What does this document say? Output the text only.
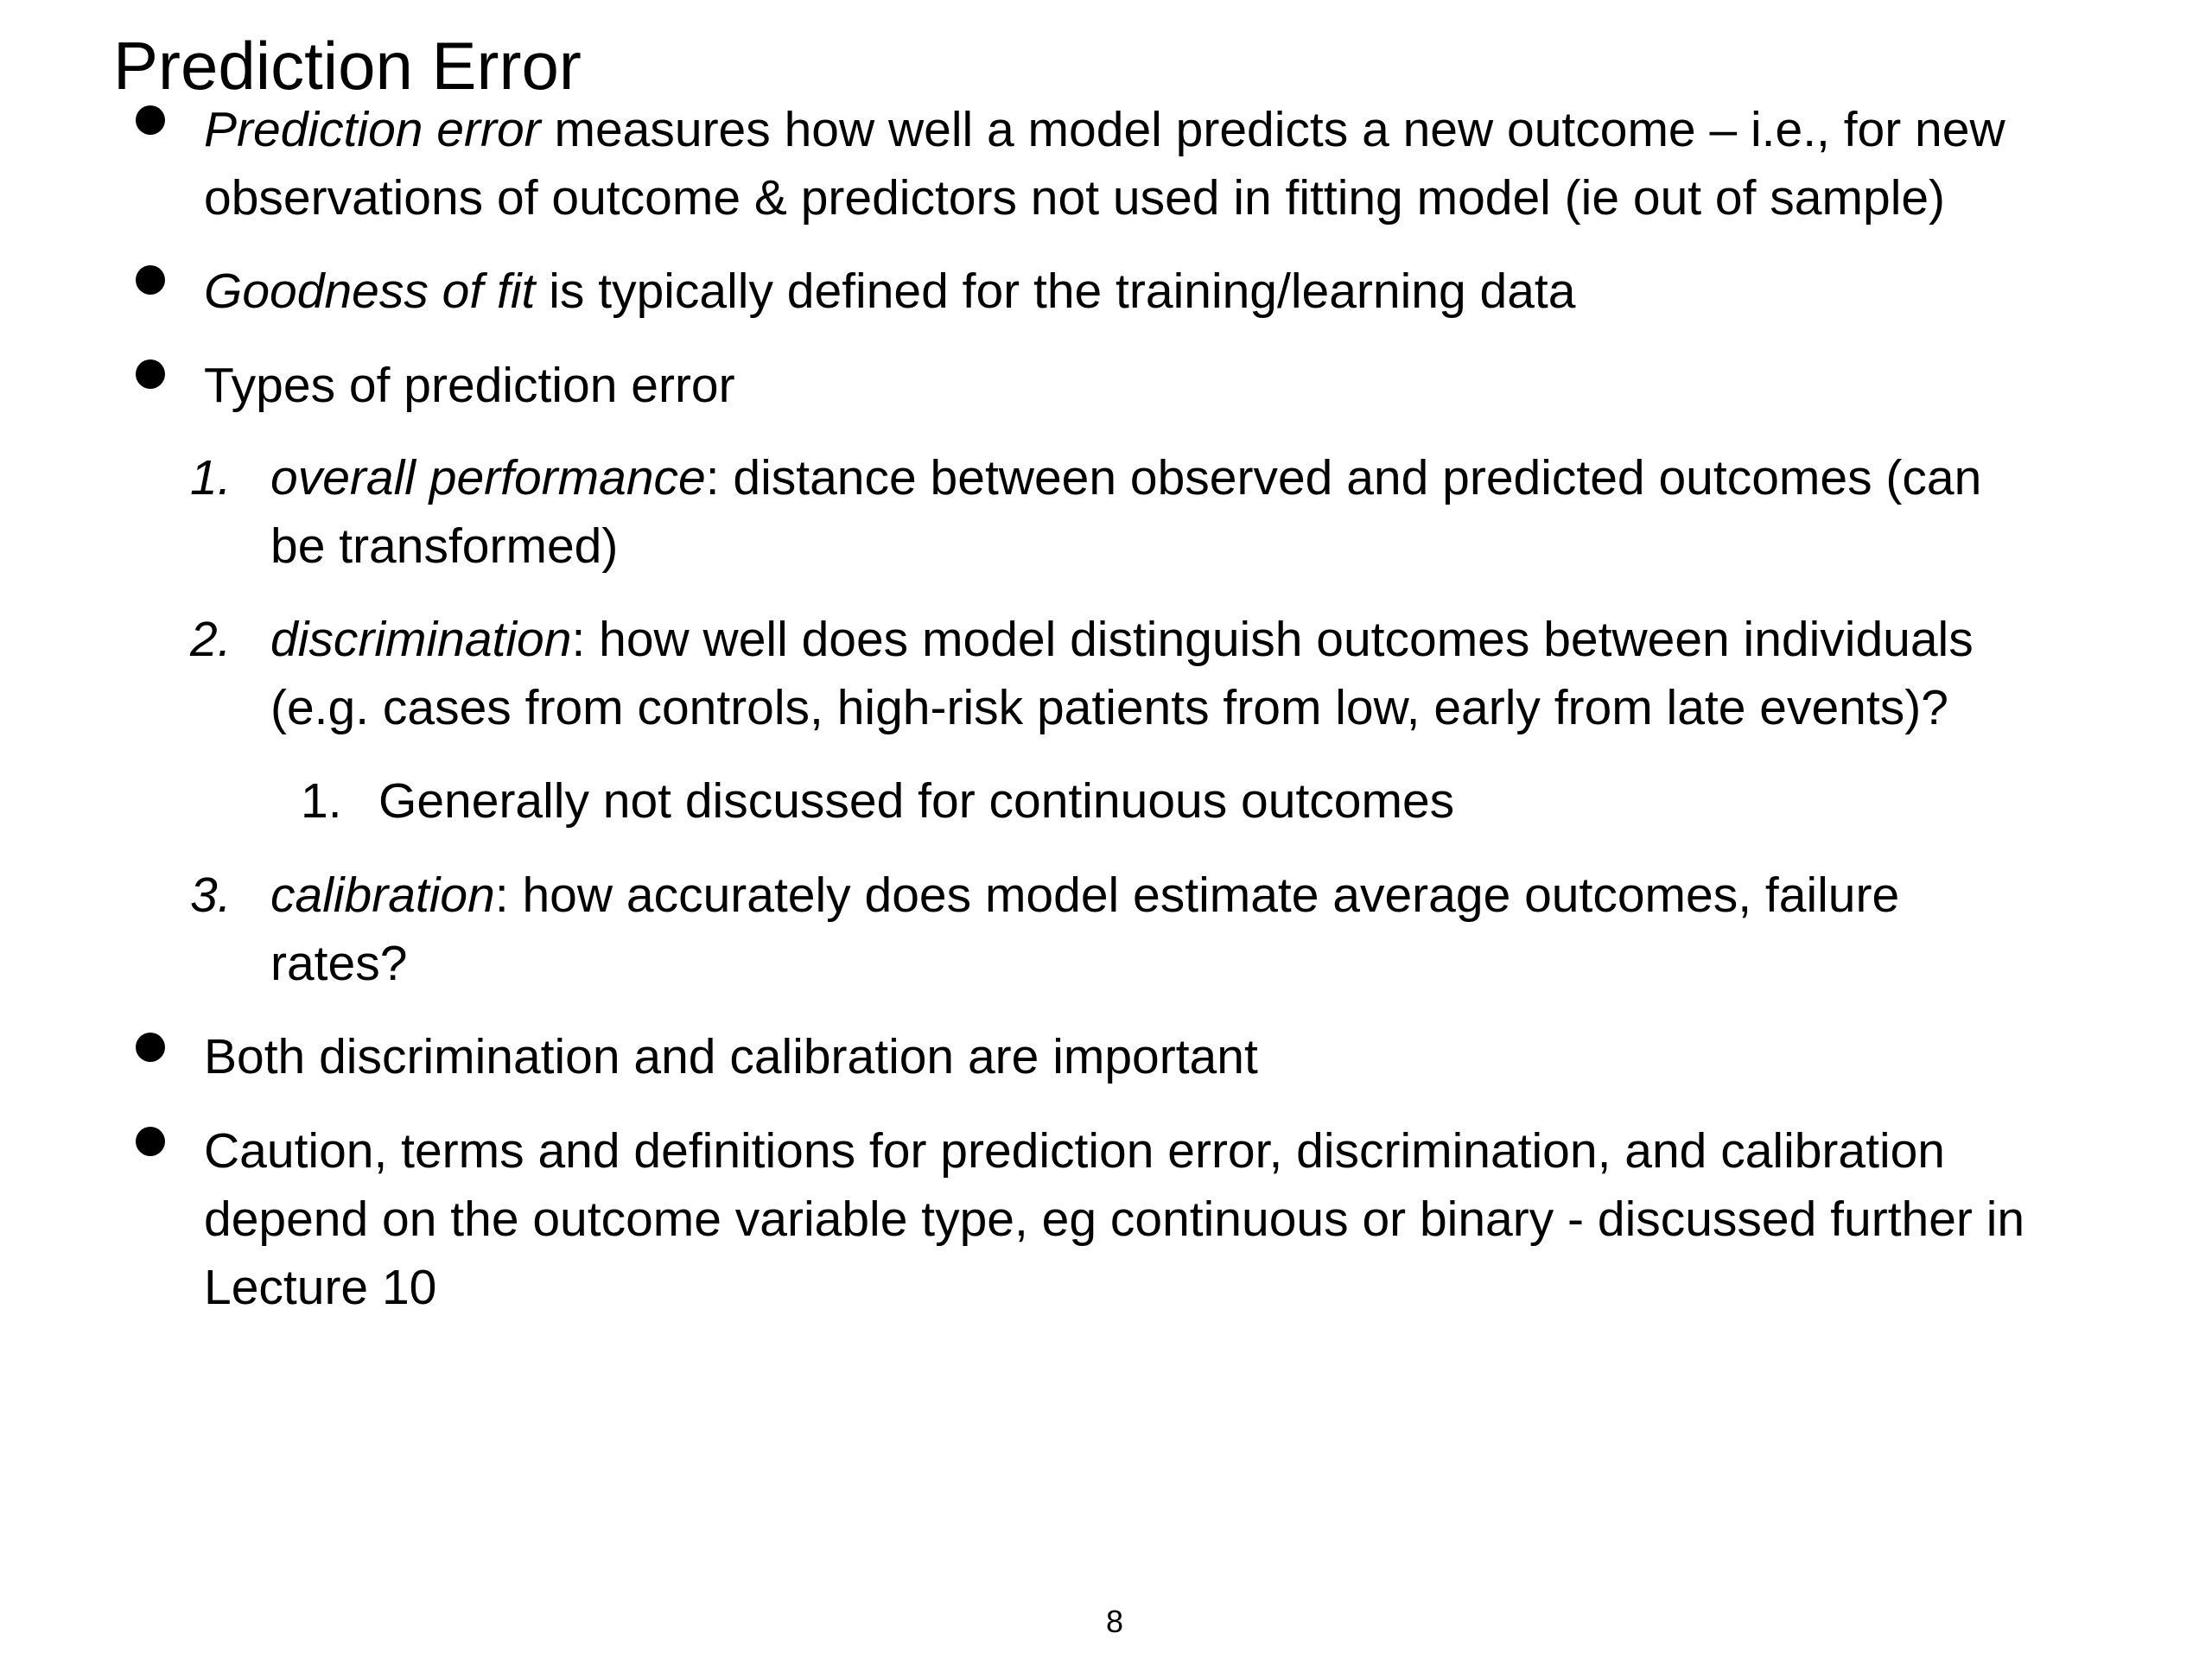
Prediction Error
Prediction error measures how well a model predicts a new outcome – i.e., for new
observations of outcome & predictors not used in fitting model (ie out of sample)
Goodness of fit is typically defined for the training/learning data
Types of prediction error
1. overall performance: distance between observed and predicted outcomes (can
be transformed)
2. discrimination: how well does model distinguish outcomes between individuals
(e.g. cases from controls, high-risk patients from low, early from late events)?
1. Generally not discussed for continuous outcomes
3. calibration: how accurately does model estimate average outcomes, failure
rates?
Both discrimination and calibration are important
Caution, terms and definitions for prediction error, discrimination, and calibration
depend on the outcome variable type, eg continuous or binary - discussed further in
Lecture 10
8
